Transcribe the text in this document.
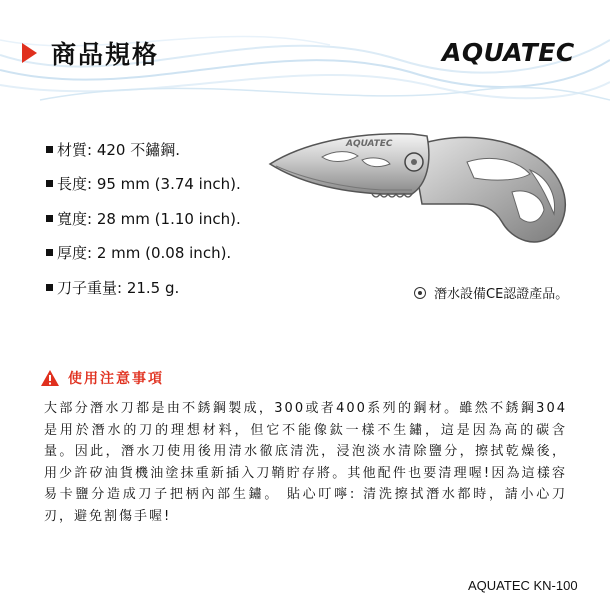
商品規格	AQUATEC
材質: 420 不鏽鋼.
長度: 95 mm (3.74 inch).
寬度: 28 mm (1.10 inch).
厚度: 2 mm (0.08 inch).
刀子重量: 21.5 g.
AQUATEC
潛水設備CE認證產品。
使用注意事項
大部分潛水刀都是由不銹鋼製成，300或者400系列的鋼材。雖然不銹鋼304是用於潛水的刀的理想材料，但它不能像鈦一樣不生鏽，這是因為高的碳含量。因此，潛水刀使用後用清水徹底清洗，浸泡淡水清除鹽分，擦拭乾燥後，用少許矽油貨機油塗抹重新插入刀鞘貯存將。其他配件也要清理喔!因為這樣容易卡鹽分造成刀子把柄內部生鏽。 貼心叮嚀: 清洗擦拭潛水都時，請小心刀刃，避免割傷手喔!
AQUATEC KN-100
